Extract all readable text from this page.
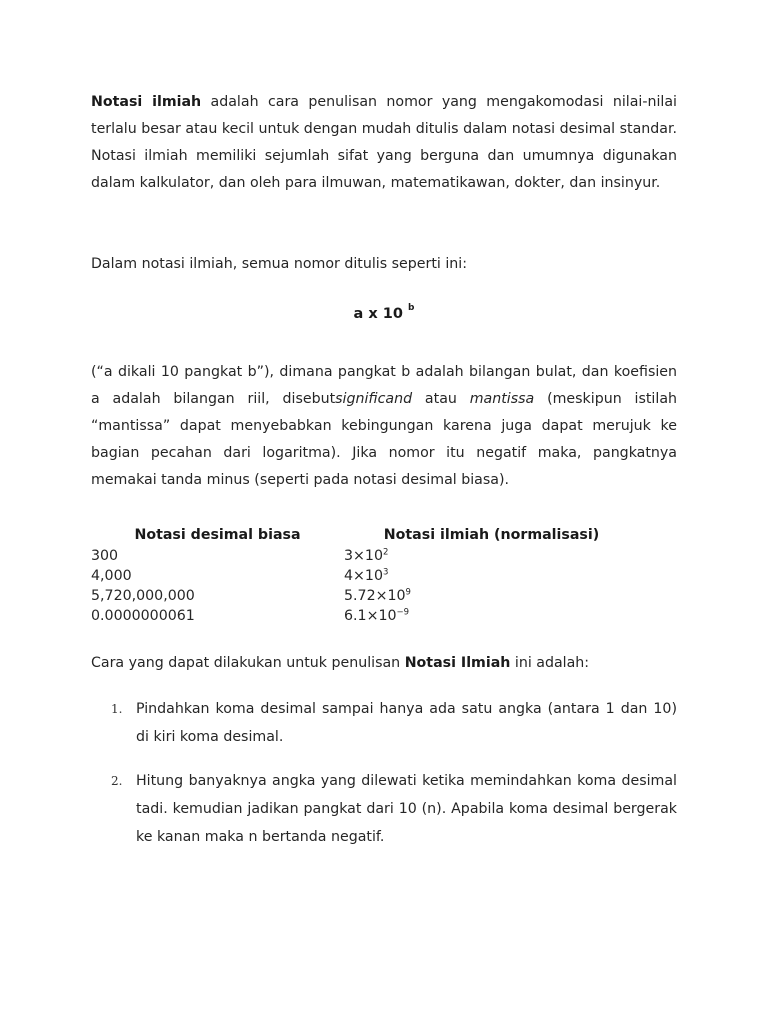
Notasi ilmiah adalah cara penulisan nomor yang mengakomodasi nilai-nilai terlalu besar atau kecil untuk dengan mudah ditulis dalam notasi desimal standar. Notasi ilmiah memiliki sejumlah sifat yang berguna dan umumnya digunakan dalam kalkulator, dan oleh para ilmuwan, matematikawan, dokter, dan insinyur.

Dalam notasi ilmiah, semua nomor ditulis seperti ini:

a x 10 $^b$

(“a dikali 10 pangkat b”), dimana pangkat b adalah bilangan bulat, dan koefisien a adalah bilangan riil, disebutsignificand atau mantissa (meskipun istilah “mantissa” dapat menyebabkan kebingungan karena juga dapat merujuk ke bagian pecahan dari logaritma). Jika nomor itu negatif maka, pangkatnya memakai tanda minus (seperti pada notasi desimal biasa).

Notasi desimal biasa	Notasi ilmiah (normalisasi)
300	$3\times 10^2$
4,000	$4\times 10^3$
5,720,000,000	$5.72\times 10^9$
0.0000000061	$6.1\times 10^{-9}$

Cara yang dapat dilakukan untuk penulisan Notasi Ilmiah ini adalah:

1. Pindahkan koma desimal sampai hanya ada satu angka (antara 1 dan 10) di kiri koma desimal.
2. Hitung banyaknya angka yang dilewati ketika memindahkan koma desimal tadi. kemudian jadikan pangkat dari 10 (n). Apabila koma desimal bergerak ke kanan maka n bertanda negatif.
